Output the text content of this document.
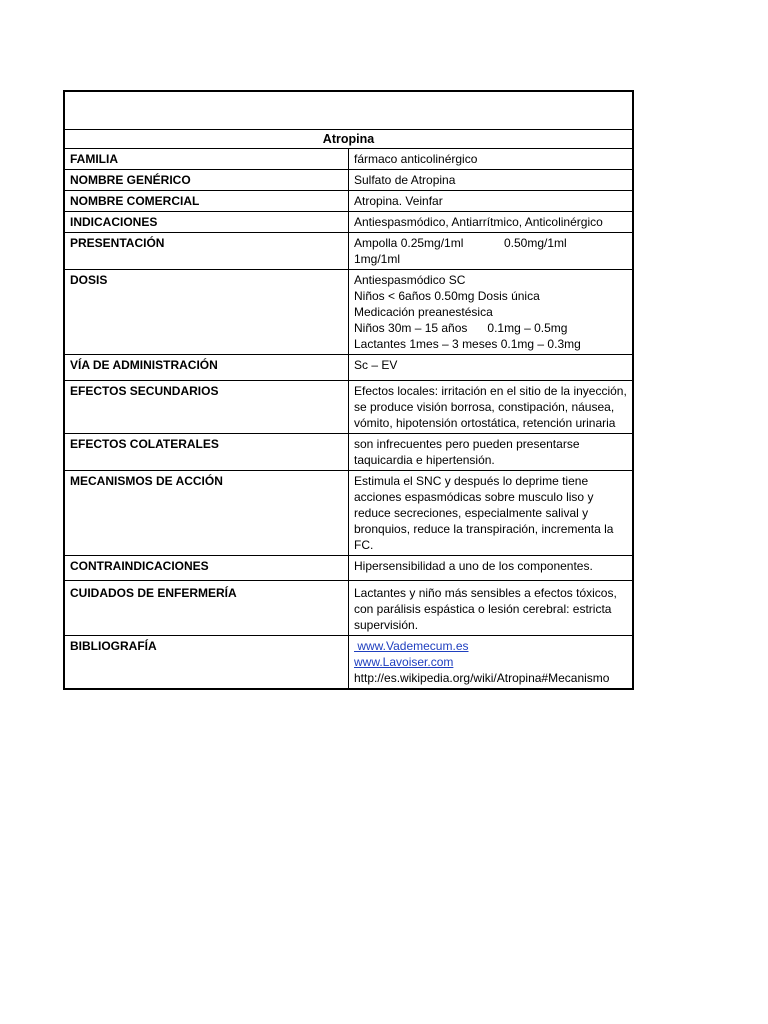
Atropina	
FAMILIA	fármaco anticolinérgico
NOMBRE GENÉRICO	Sulfato de Atropina
NOMBRE COMERCIAL	Atropina. Veinfar
INDICACIONES	Antiespasmódico, Antiarrítmico, Anticolinérgico
PRESENTACIÓN	Ampolla 0.25mg/1ml 0.50mg/1ml1mg/1ml
DOSIS	Antiespasmódico SC
Niños < 6años 0.50mg Dosis única
Medicación preanestésica
Niños 30m – 15 años      0.1mg – 0.5mg
Lactantes 1mes – 3 meses 0.1mg – 0.3mg

VÍA DE ADMINISTRACIÓN	Sc – EV
EFECTOS SECUNDARIOS	Efectos locales: irritación en el sitio de la inyección, se produce visión borrosa, constipación, náusea, vómito, hipotensión ortostática, retención urinaria
EFECTOS COLATERALES	son infrecuentes pero pueden presentarse taquicardia e hipertensión.
MECANISMOS DE ACCIÓN	Estimula el SNC y después lo deprime tiene acciones espasmódicas sobre musculo liso y reduce secreciones, especialmente salival y bronquios, reduce la transpiración, incrementa la FC.
CONTRAINDICACIONES	Hipersensibilidad a uno de los componentes.
CUIDADOS DE ENFERMERÍA	Lactantes y niño más sensibles a efectos tóxicos, con parálisis espástica o lesión cerebral: estricta supervisión.
BIBLIOGRAFÍA	www.Vademecum.es
www.Lavoiser.com
http://es.wikipedia.org/wiki/Atropina#Mecanismo
